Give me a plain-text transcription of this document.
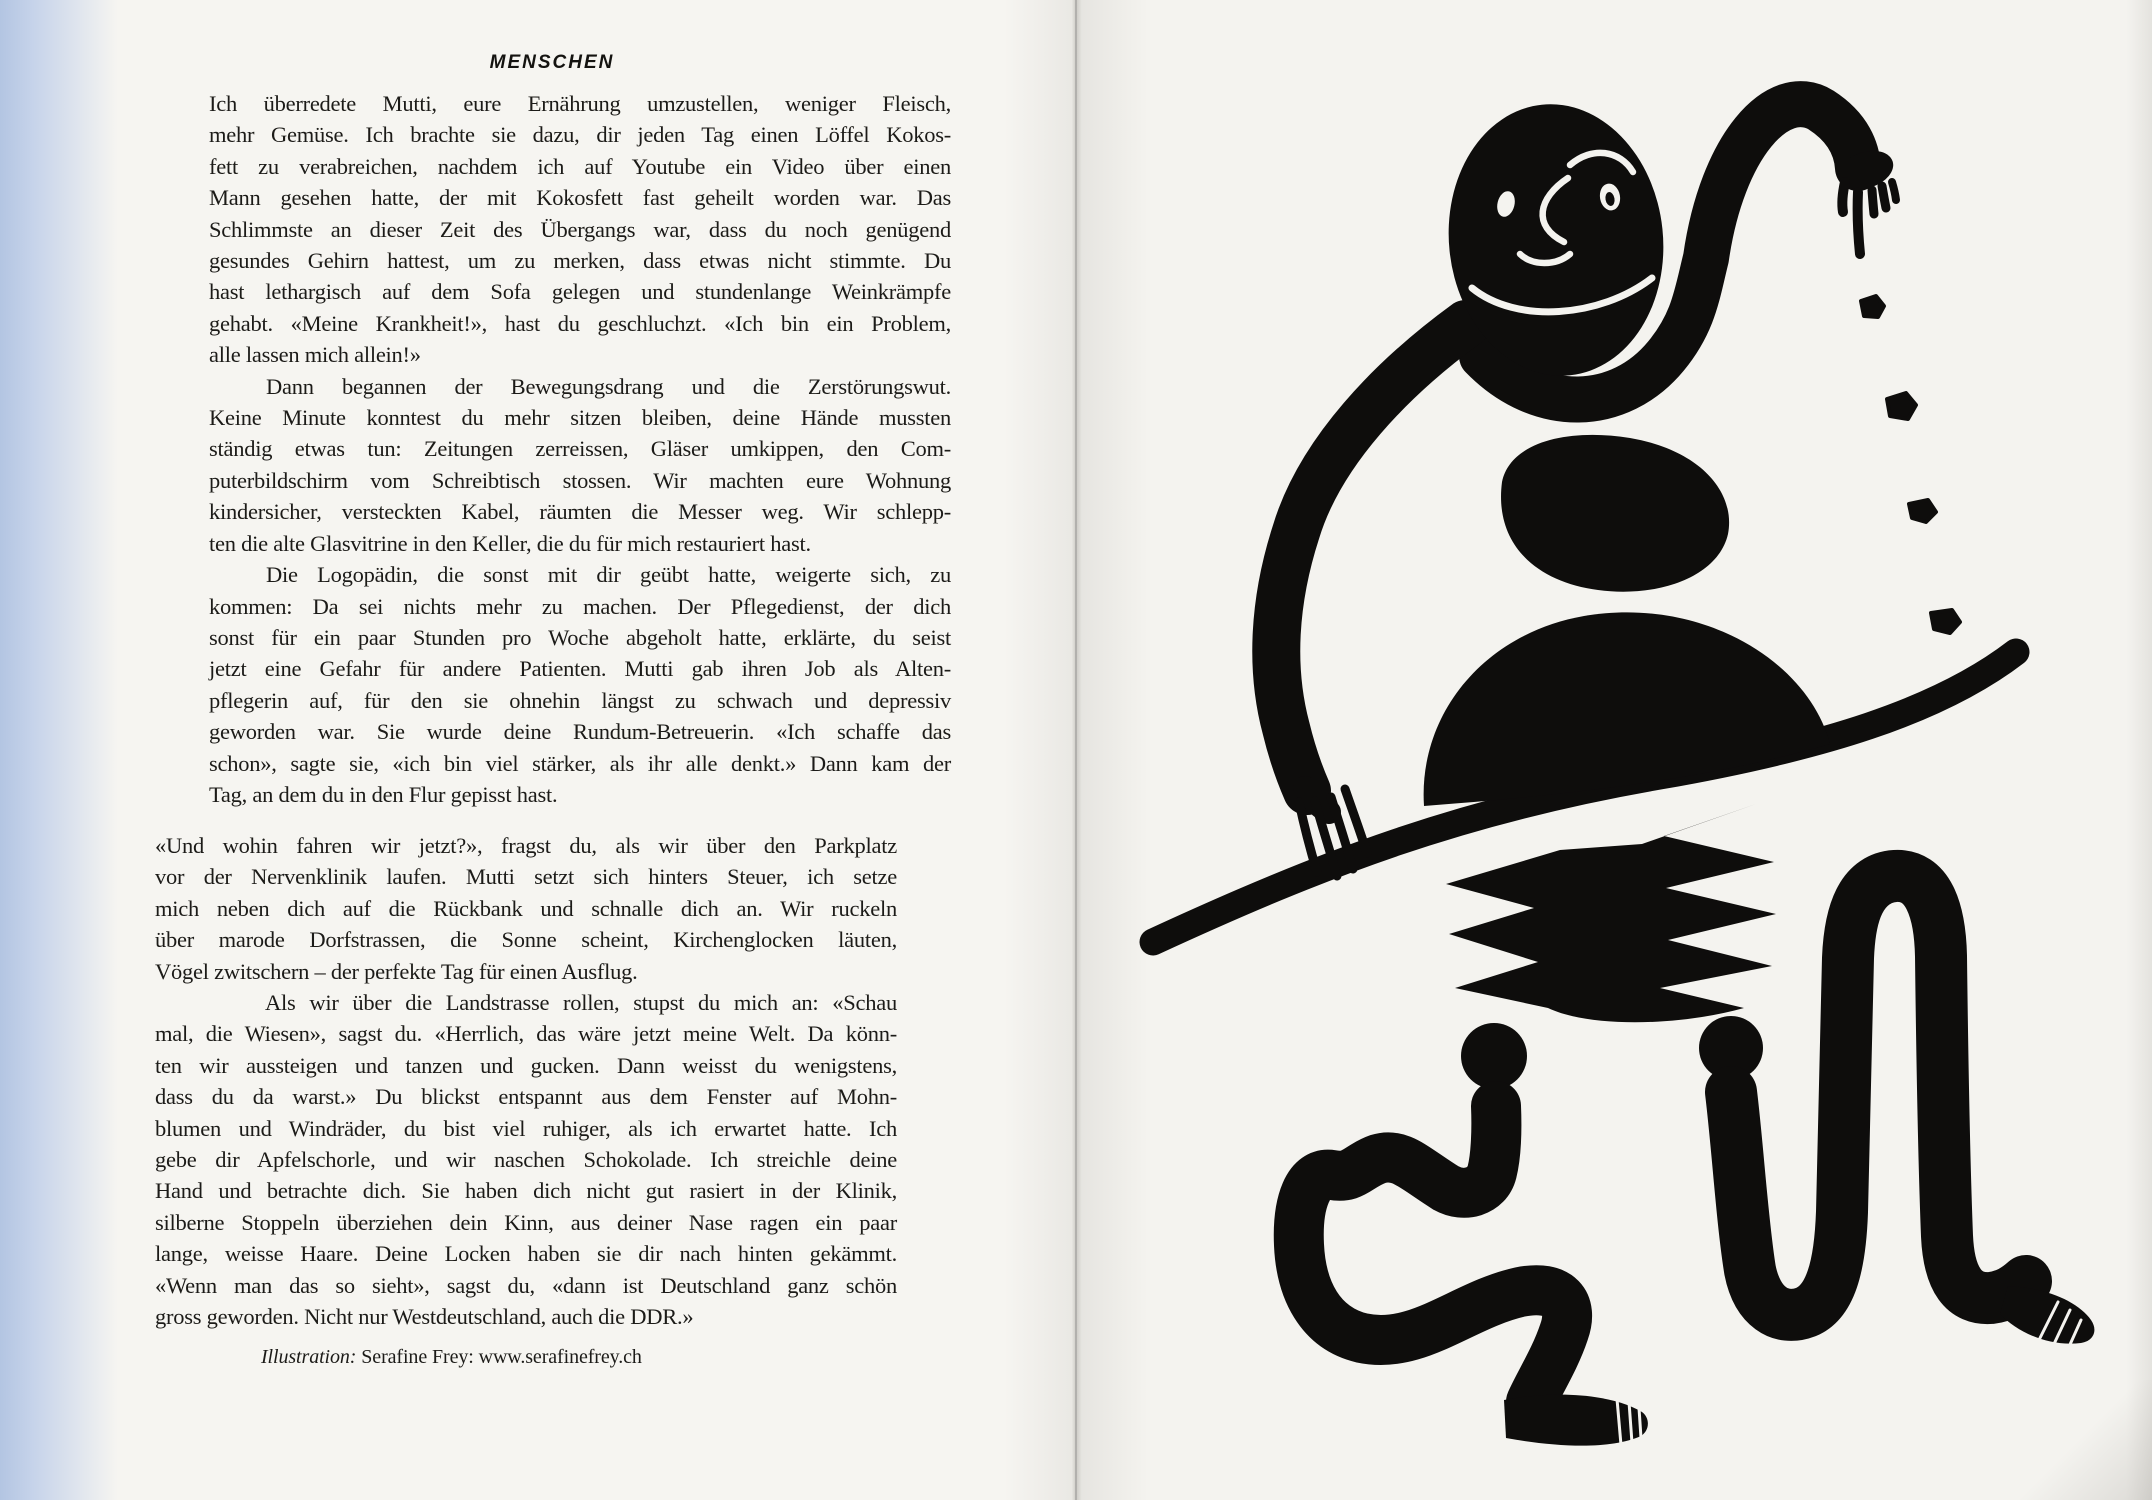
MENSCHEN
Ich überredete Mutti, eure Ernährung umzustellen, weniger Fleisch,
mehr Gemüse. Ich brachte sie dazu, dir jeden Tag einen Löffel Kokos-
fett zu verabreichen, nachdem ich auf Youtube ein Video über einen
Mann gesehen hatte, der mit Kokosfett fast geheilt worden war. Das
Schlimmste an dieser Zeit des Übergangs war, dass du noch genügend
gesundes Gehirn hattest, um zu merken, dass etwas nicht stimmte. Du
hast lethargisch auf dem Sofa gelegen und stundenlange Weinkrämpfe
gehabt. «Meine Krankheit!», hast du geschluchzt. «Ich bin ein Problem,
alle lassen mich allein!»
Dann begannen der Bewegungsdrang und die Zerstörungswut.
Keine Minute konntest du mehr sitzen bleiben, deine Hände mussten
ständig etwas tun: Zeitungen zerreissen, Gläser umkippen, den Com-
puterbildschirm vom Schreibtisch stossen. Wir machten eure Wohnung
kindersicher, versteckten Kabel, räumten die Messer weg. Wir schlepp-
ten die alte Glasvitrine in den Keller, die du für mich restauriert hast.
Die Logopädin, die sonst mit dir geübt hatte, weigerte sich, zu
kommen: Da sei nichts mehr zu machen. Der Pflegedienst, der dich
sonst für ein paar Stunden pro Woche abgeholt hatte, erklärte, du seist
jetzt eine Gefahr für andere Patienten. Mutti gab ihren Job als Alten-
pflegerin auf, für den sie ohnehin längst zu schwach und depressiv
geworden war. Sie wurde deine Rundum-Betreuerin. «Ich schaffe das
schon», sagte sie, «ich bin viel stärker, als ihr alle denkt.» Dann kam der
Tag, an dem du in den Flur gepisst hast.
«Und wohin fahren wir jetzt?», fragst du, als wir über den Parkplatz
vor der Nervenklinik laufen. Mutti setzt sich hinters Steuer, ich setze
mich neben dich auf die Rückbank und schnalle dich an. Wir ruckeln
über marode Dorfstrassen, die Sonne scheint, Kirchenglocken läuten,
Vögel zwitschern – der perfekte Tag für einen Ausflug.
Als wir über die Landstrasse rollen, stupst du mich an: «Schau
mal, die Wiesen», sagst du. «Herrlich, das wäre jetzt meine Welt. Da könn-
ten wir aussteigen und tanzen und gucken. Dann weisst du wenigstens,
dass du da warst.» Du blickst entspannt aus dem Fenster auf Mohn-
blumen und Windräder, du bist viel ruhiger, als ich erwartet hatte. Ich
gebe dir Apfelschorle, und wir naschen Schokolade. Ich streichle deine
Hand und betrachte dich. Sie haben dich nicht gut rasiert in der Klinik,
silberne Stoppeln überziehen dein Kinn, aus deiner Nase ragen ein paar
lange, weisse Haare. Deine Locken haben sie dir nach hinten gekämmt.
«Wenn man das so sieht», sagst du, «dann ist Deutschland ganz schön
gross geworden. Nicht nur Westdeutschland, auch die DDR.»
Illustration: Serafine Frey: www.serafinefrey.ch
